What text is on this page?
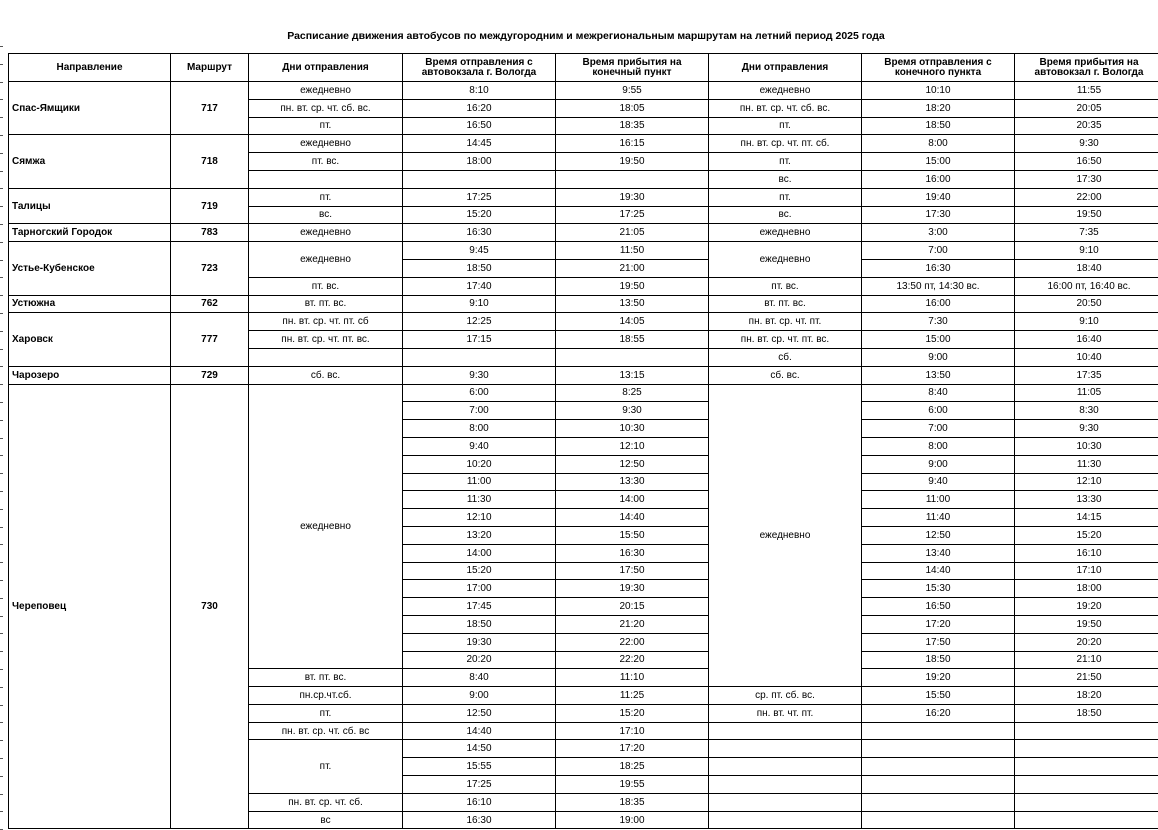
Расписание движения автобусов по междугородним и межрегиональным маршрутам на летний период 2025 года
Направление	Маршрут	Дни отправления	Время отправления с автовокзала г. Вологда	Время прибытия на конечный пункт	Дни отправления	Время отправления с конечного пункта	Время прибытия на автовокзал г. Вологда
Спас-Ямщики	717	ежедневно	8:10	9:55	ежедневно	10:10	11:55
		пн. вт. ср. чт. сб. вс.	16:20	18:05	пн. вт. ср. чт. сб. вс.	18:20	20:05
		пт.	16:50	18:35	пт.	18:50	20:35
Сямжа	718	ежедневно	14:45	16:15	пн. вт. ср. чт. пт. сб.	8:00	9:30
		пт. вс.	18:00	19:50	пт.	15:00	16:50
					вс.	16:00	17:30
Талицы	719	пт.	17:25	19:30	пт.	19:40	22:00
		вс.	15:20	17:25	вс.	17:30	19:50
Тарногский Городок	783	ежедневно	16:30	21:05	ежедневно	3:00	7:35
Устье-Кубенское	723	ежедневно	9:45	11:50	ежедневно	7:00	9:10
			18:50	21:00		16:30	18:40
		пт. вс.	17:40	19:50	пт. вс.	13:50 пт, 14:30 вс.	16:00 пт, 16:40 вс.
Устюжна	762	вт. пт. вс.	9:10	13:50	вт. пт. вс.	16:00	20:50
Харовск	777	пн. вт. ср. чт. пт. сб	12:25	14:05	пн. вт. ср. чт. пт.	7:30	9:10
		пн. вт. ср. чт. пт. вс.	17:15	18:55	пн. вт. ср. чт. пт. вс.	15:00	16:40
					сб.	9:00	10:40
Чарозеро	729	сб. вс.	9:30	13:15	сб. вс.	13:50	17:35
Череповец	730	ежедневно	6:00	8:25	ежедневно	8:40	11:05
			7:00	9:30		6:00	8:30
			8:00	10:30		7:00	9:30
			9:40	12:10		8:00	10:30
			10:20	12:50		9:00	11:30
			11:00	13:30		9:40	12:10
			11:30	14:00		11:00	13:30
			12:10	14:40		11:40	14:15
			13:20	15:50		12:50	15:20
			14:00	16:30		13:40	16:10
			15:20	17:50		14:40	17:10
			17:00	19:30		15:30	18:00
			17:45	20:15		16:50	19:20
			18:50	21:20		17:20	19:50
			19:30	22:00		17:50	20:20
			20:20	22:20		18:50	21:10
		вт. пт. вс.	8:40	11:10		19:20	21:50
		пн.ср.чт.сб.	9:00	11:25	ср. пт. сб. вс.	15:50	18:20
		пт.	12:50	15:20	пн. вт. чт. пт.	16:20	18:50
		пн. вт. ср. чт. сб. вс	14:40	17:10			
		пт.	14:50	17:20			
			15:55	18:25			
			17:25	19:55			
		пн. вт. ср. чт. сб.	16:10	18:35			
		вс	16:30	19:00			
